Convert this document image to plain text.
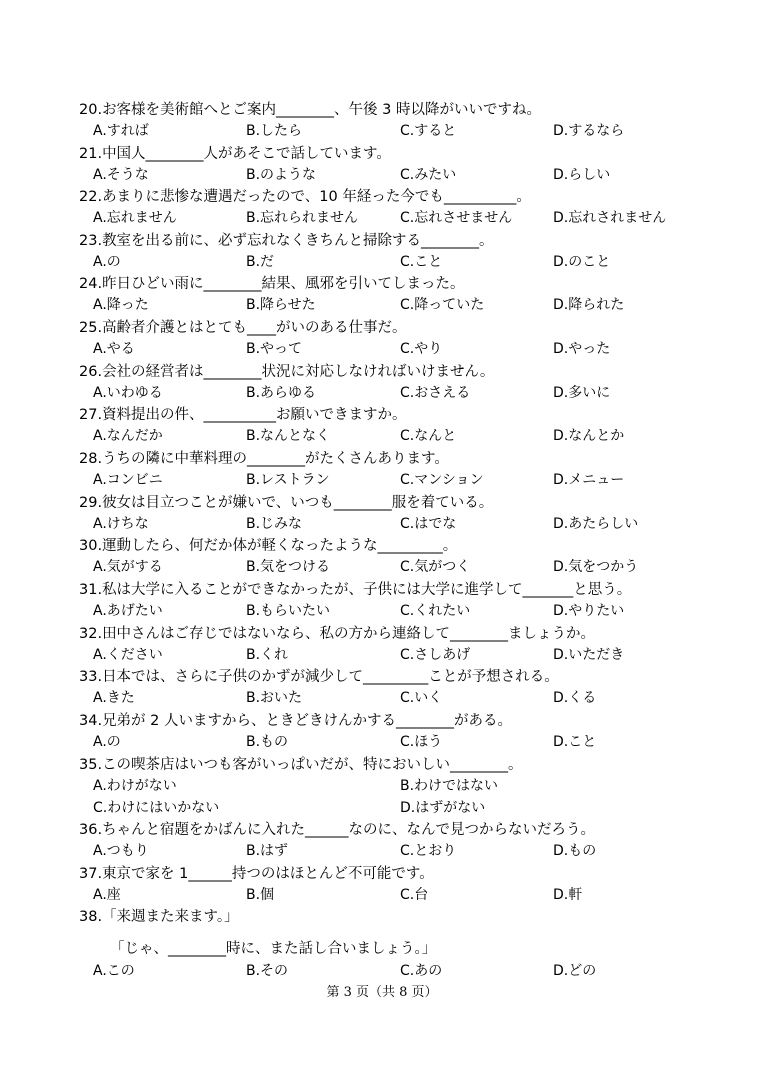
20.お客様を美術館へとご案内________、午後 3 時以降がいいですね。
A.すれば	B.したら	C.すると	D.するなら
21.中国人________人があそこで話しています。
A.そうな	B.のような	C.みたい	D.らしい
22.あまりに悲惨な遭遇だったので、10 年経った今でも__________。
A.忘れません	B.忘れられません	C.忘れさせません	D.忘れされません
23.教室を出る前に、必ず忘れなくきちんと掃除する________。
A.の	B.だ	C.こと	D.のこと
24.昨日ひどい雨に________結果、風邪を引いてしまった。
A.降った	B.降らせた	C.降っていた	D.降られた
25.高齢者介護とはとても____がいのある仕事だ。
A.やる	B.やって	C.やり	D.やった
26.会社の経営者は________状況に対応しなければいけません。
A.いわゆる	B.あらゆる	C.おさえる	D.多いに
27.資料提出の件、__________お願いできますか。
A.なんだか	B.なんとなく	C.なんと	D.なんとか
28.うちの隣に中華料理の________がたくさんあります。
A.コンビニ	B.レストラン	C.マンション	D.メニュー
29.彼女は目立つことが嫌いで、いつも________服を着ている。
A.けちな	B.じみな	C.はでな	D.あたらしい
30.運動したら、何だか体が軽くなったような_________。
A.気がする	B.気をつける	C.気がつく	D.気をつかう
31.私は大学に入ることができなかったが、子供には大学に進学して_______と思う。
A.あげたい	B.もらいたい	C.くれたい	D.やりたい
32.田中さんはご存じではないなら、私の方から連絡して________ましょうか。
A.ください	B.くれ	C.さしあげ	D.いただき
33.日本では、さらに子供のかずが減少して_________ことが予想される。
A.きた	B.おいた	C.いく	D.くる
34.兄弟が 2 人いますから、ときどきけんかする________がある。
A.の	B.もの	C.ほう	D.こと
35.この喫茶店はいつも客がいっぱいだが、特においしい________。
A.わけがない	B.わけではない
C.わけにはいかない	D.はずがない
36.ちゃんと宿題をかばんに入れた______なのに、なんで見つからないだろう。
A.つもり	B.はず	C.とおり	D.もの
37.東京で家を 1______持つのはほとんど不可能です。
A.座	B.個	C.台	D.軒
38.「来週また来ます。」
「じゃ、________時に、また話し合いましょう。」
A.この	B.その	C.あの	D.どの
第 3 页（共 8 页）
